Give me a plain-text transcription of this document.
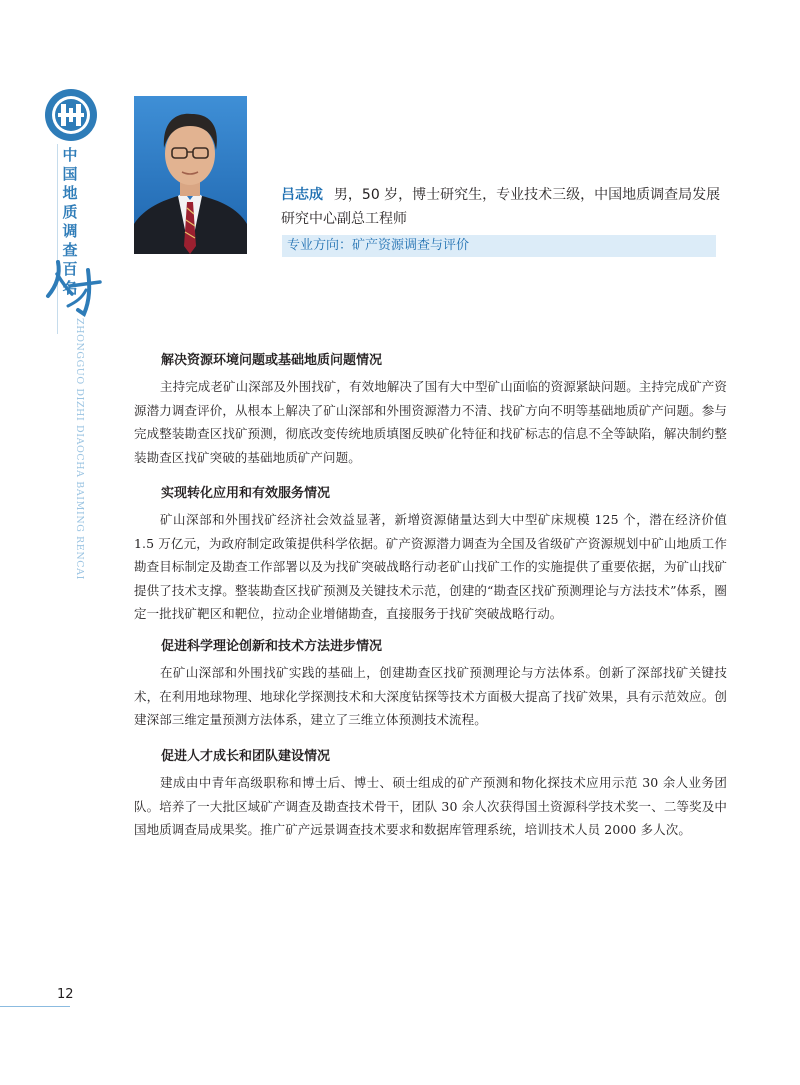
中
国
地
质
调
查
百
名
ZHONGGUO DIZHI DIAOCHA BAIMING RENCAI
吕志成 男，50 岁，博士研究生，专业技术三级，中国地质调查局发展研究中心副总工程师
专业方向：矿产资源调查与评价
解决资源环境问题或基础地质问题情况

主持完成老矿山深部及外围找矿，有效地解决了国有大中型矿山面临的资源紧缺问题。主持完成矿产资源潜力调查评价，从根本上解决了矿山深部和外围资源潜力不清、找矿方向不明等基础地质矿产问题。参与完成整装勘查区找矿预测，彻底改变传统地质填图反映矿化特征和找矿标志的信息不全等缺陷，解决制约整装勘查区找矿突破的基础地质矿产问题。

实现转化应用和有效服务情况

矿山深部和外围找矿经济社会效益显著，新增资源储量达到大中型矿床规模 125 个，潜在经济价值 1.5 万亿元，为政府制定政策提供科学依据。矿产资源潜力调查为全国及省级矿产资源规划中矿山地质工作勘查目标制定及勘查工作部署以及为找矿突破战略行动老矿山找矿工作的实施提供了重要依据，为矿山找矿提供了技术支撑。整装勘查区找矿预测及关键技术示范，创建的“勘查区找矿预测理论与方法技术”体系，圈定一批找矿靶区和靶位，拉动企业增储勘查，直接服务于找矿突破战略行动。

促进科学理论创新和技术方法进步情况

在矿山深部和外围找矿实践的基础上，创建勘查区找矿预测理论与方法体系。创新了深部找矿关键技术，在利用地球物理、地球化学探测技术和大深度钻探等技术方面极大提高了找矿效果，具有示范效应。创建深部三维定量预测方法体系，建立了三维立体预测技术流程。

促进人才成长和团队建设情况

建成由中青年高级职称和博士后、博士、硕士组成的矿产预测和物化探技术应用示范 30 余人业务团队。培养了一大批区域矿产调查及勘查技术骨干，团队 30 余人次获得国土资源科学技术奖一、二等奖及中国地质调查局成果奖。推广矿产远景调查技术要求和数据库管理系统，培训技术人员 2000 多人次。

12
